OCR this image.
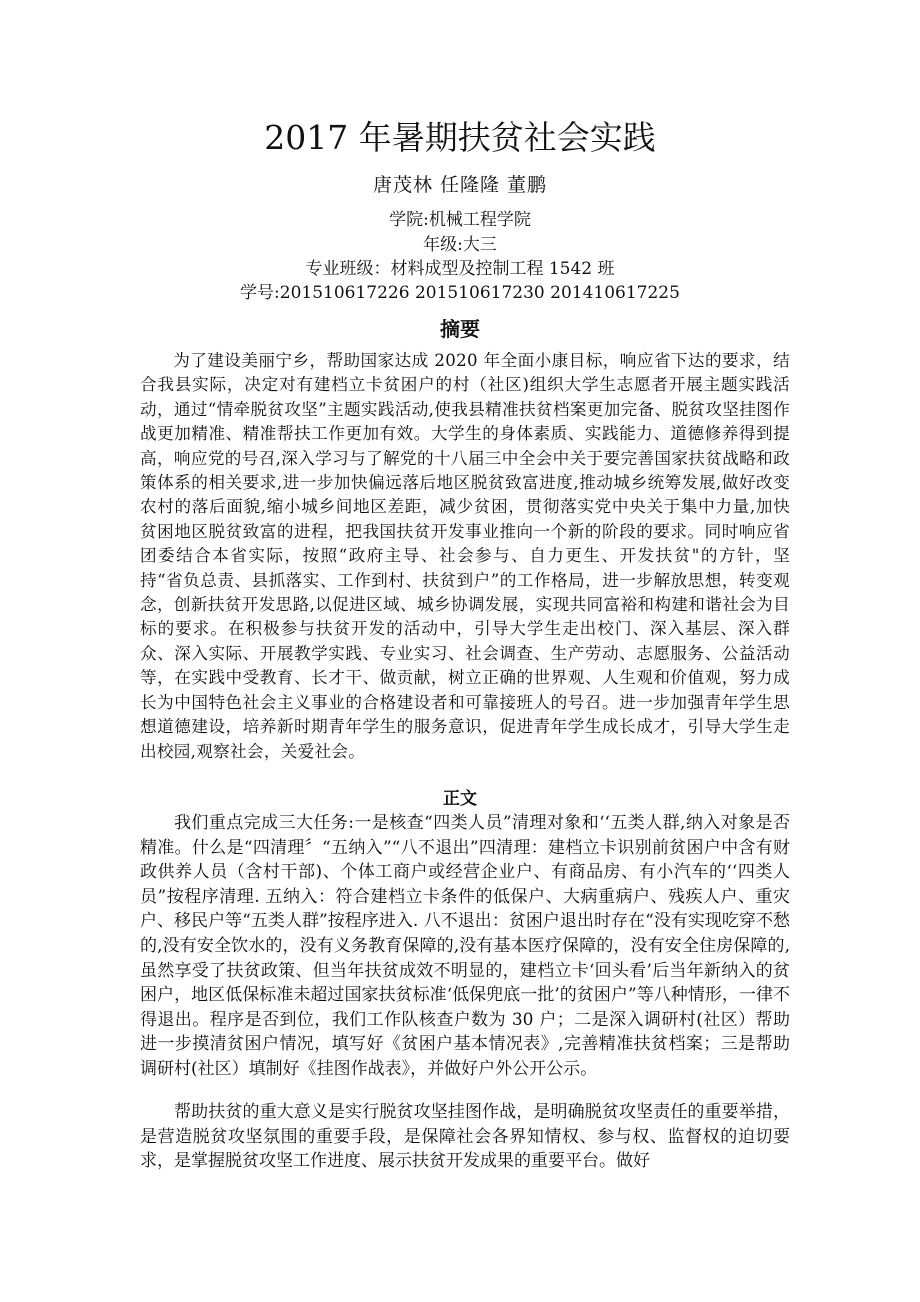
2017 年暑期扶贫社会实践
唐茂林 任隆隆 董鹏
学院:机械工程学院
年级:大三
专业班级：材料成型及控制工程 1542 班
学号:201510617226 201510617230 201410617225
摘要

为了建设美丽宁乡，帮助国家达成 2020 年全面小康目标，响应省下达的要求，结合我县实际，决定对有建档立卡贫困户的村（社区)组织大学生志愿者开展主题实践活动，通过“情牵脱贫攻坚”主题实践活动,使我县精准扶贫档案更加完备、脱贫攻坚挂图作战更加精准、精准帮扶工作更加有效。大学生的身体素质、实践能力、道德修养得到提高，响应党的号召,深入学习与了解党的十八届三中全会中关于要完善国家扶贫战略和政策体系的相关要求,进一步加快偏远落后地区脱贫致富进度,推动城乡统筹发展,做好改变农村的落后面貌,缩小城乡间地区差距，减少贫困，贯彻落实党中央关于集中力量,加快贫困地区脱贫致富的进程，把我国扶贫开发事业推向一个新的阶段的要求。同时响应省团委结合本省实际，按照“政府主导、社会参与、自力更生、开发扶贫"的方针，坚持“省负总责、县抓落实、工作到村、扶贫到户”的工作格局，进一步解放思想，转变观念，创新扶贫开发思路,以促进区域、城乡协调发展，实现共同富裕和构建和谐社会为目标的要求。在积极参与扶贫开发的活动中，引导大学生走出校门、深入基层、深入群众、深入实际、开展教学实践、专业实习、社会调查、生产劳动、志愿服务、公益活动等，在实践中受教育、长才干、做贡献，树立正确的世界观、人生观和价值观，努力成长为中国特色社会主义事业的合格建设者和可靠接班人的号召。进一步加强青年学生思想道德建设，培养新时期青年学生的服务意识，促进青年学生成长成才，引导大学生走出校园,观察社会，关爱社会。

正文

我们重点完成三大任务:一是核查“四类人员”清理对象和‘‘五类人群,纳入对象是否精准。什么是“四清理〞“五纳入”“八不退出”四清理：建档立卡识别前贫困户中含有财政供养人员（含村干部)、个体工商户或经营企业户、有商品房、有小汽车的‘‘四类人员”按程序清理. 五纳入：符合建档立卡条件的低保户、大病重病户、残疾人户、重灾户、移民户等“五类人群”按程序进入. 八不退出：贫困户退出时存在“没有实现吃穿不愁的,没有安全饮水的，没有义务教育保障的,没有基本医疗保障的，没有安全住房保障的,虽然享受了扶贫政策、但当年扶贫成效不明显的，建档立卡‘回头看’后当年新纳入的贫困户，地区低保标准未超过国家扶贫标准‘低保兜底一批’的贫困户”等八种情形，一律不得退出。程序是否到位，我们工作队核查户数为 30 户；二是深入调研村(社区）帮助进一步摸清贫困户情况，填写好《贫困户基本情况表》,完善精准扶贫档案；三是帮助调研村(社区）填制好《挂图作战表》，并做好户外公开公示。

帮助扶贫的重大意义是实行脱贫攻坚挂图作战，是明确脱贫攻坚责任的重要举措，是营造脱贫攻坚氛围的重要手段，是保障社会各界知情权、参与权、监督权的迫切要求，是掌握脱贫攻坚工作进度、展示扶贫开发成果的重要平台。做好
